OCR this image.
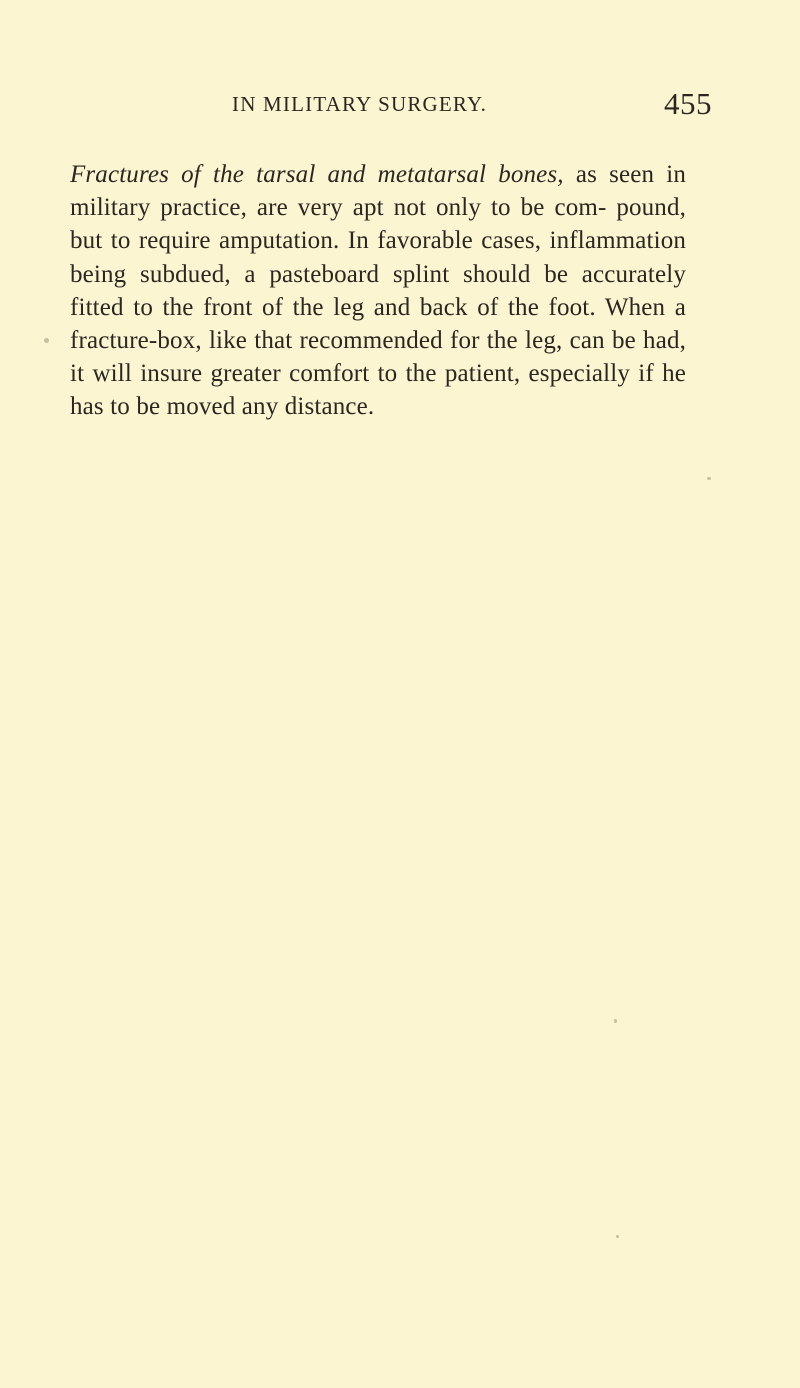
IN MILITARY SURGERY.	455

Fractures of the tarsal and metatarsal bones, as seen in military practice, are very apt not only to be com- pound, but to require amputation. In favorable cases, inflammation being subdued, a pasteboard splint should be accurately fitted to the front of the leg and back of the foot. When a fracture-box, like that recommended for the leg, can be had, it will insure greater comfort to the patient, especially if he has to be moved any distance.
